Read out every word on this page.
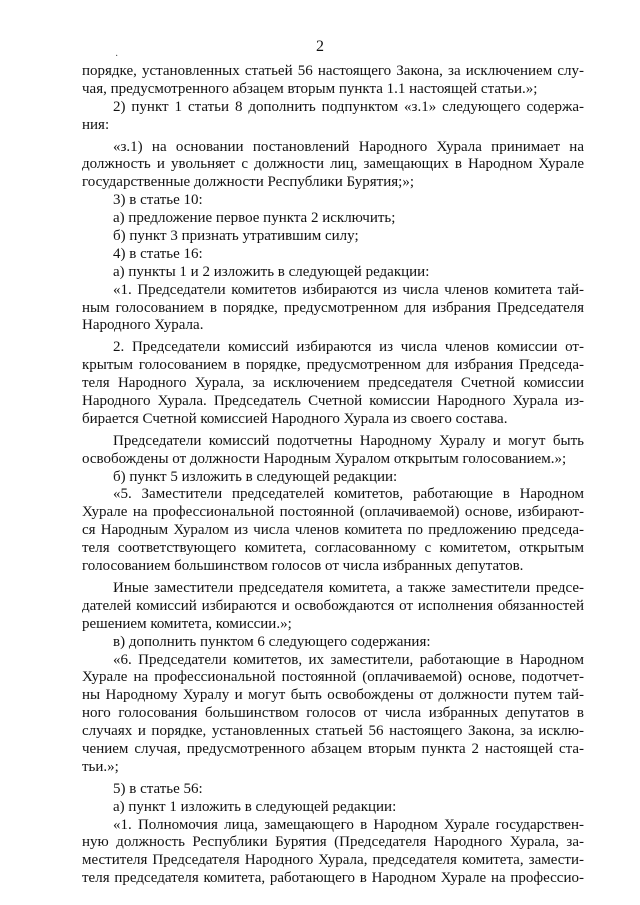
2
·
порядке, установленных статьей 56 настоящего Закона, за исключением слу-
чая, предусмотренного абзацем вторым пункта 1.1 настоящей статьи.»;
2) пункт 1 статьи 8 дополнить подпунктом «з.1» следующего содержа-
ния:
«з.1) на основании постановлений Народного Хурала принимает на
должность и увольняет с должности лиц, замещающих в Народном Хурале
государственные должности Республики Бурятия;»;
3) в статье 10:
а) предложение первое пункта 2 исключить;
б) пункт 3 признать утратившим силу;
4) в статье 16:
а) пункты 1 и 2 изложить в следующей редакции:
«1. Председатели комитетов избираются из числа членов комитета тай-
ным голосованием в порядке, предусмотренном для избрания Председателя
Народного Хурала.
2. Председатели комиссий избираются из числа членов комиссии от-
крытым голосованием в порядке, предусмотренном для избрания Председа-
теля Народного Хурала, за исключением председателя Счетной комиссии
Народного Хурала. Председатель Счетной комиссии Народного Хурала из-
бирается Счетной комиссией Народного Хурала из своего состава.
Председатели комиссий подотчетны Народному Хуралу и могут быть
освобождены от должности Народным Хуралом открытым голосованием.»;
б) пункт 5 изложить в следующей редакции:
«5. Заместители председателей комитетов, работающие в Народном
Хурале на профессиональной постоянной (оплачиваемой) основе, избирают-
ся Народным Хуралом из числа членов комитета по предложению председа-
теля соответствующего комитета, согласованному с комитетом, открытым
голосованием большинством голосов от числа избранных депутатов.
Иные заместители председателя комитета, а также заместители предсе-
дателей комиссий избираются и освобождаются от исполнения обязанностей
решением комитета, комиссии.»;
в) дополнить пунктом 6 следующего содержания:
«6. Председатели комитетов, их заместители, работающие в Народном
Хурале на профессиональной постоянной (оплачиваемой) основе, подотчет-
ны Народному Хуралу и могут быть освобождены от должности путем тай-
ного голосования большинством голосов от числа избранных депутатов в
случаях и порядке, установленных статьей 56 настоящего Закона, за исклю-
чением случая, предусмотренного абзацем вторым пункта 2 настоящей ста-
тьи.»;
5) в статье 56:
а) пункт 1 изложить в следующей редакции:
«1. Полномочия лица, замещающего в Народном Хурале государствен-
ную должность Республики Бурятия (Председателя Народного Хурала, за-
местителя Председателя Народного Хурала, председателя комитета, замести-
теля председателя комитета, работающего в Народном Хурале на профессио-
